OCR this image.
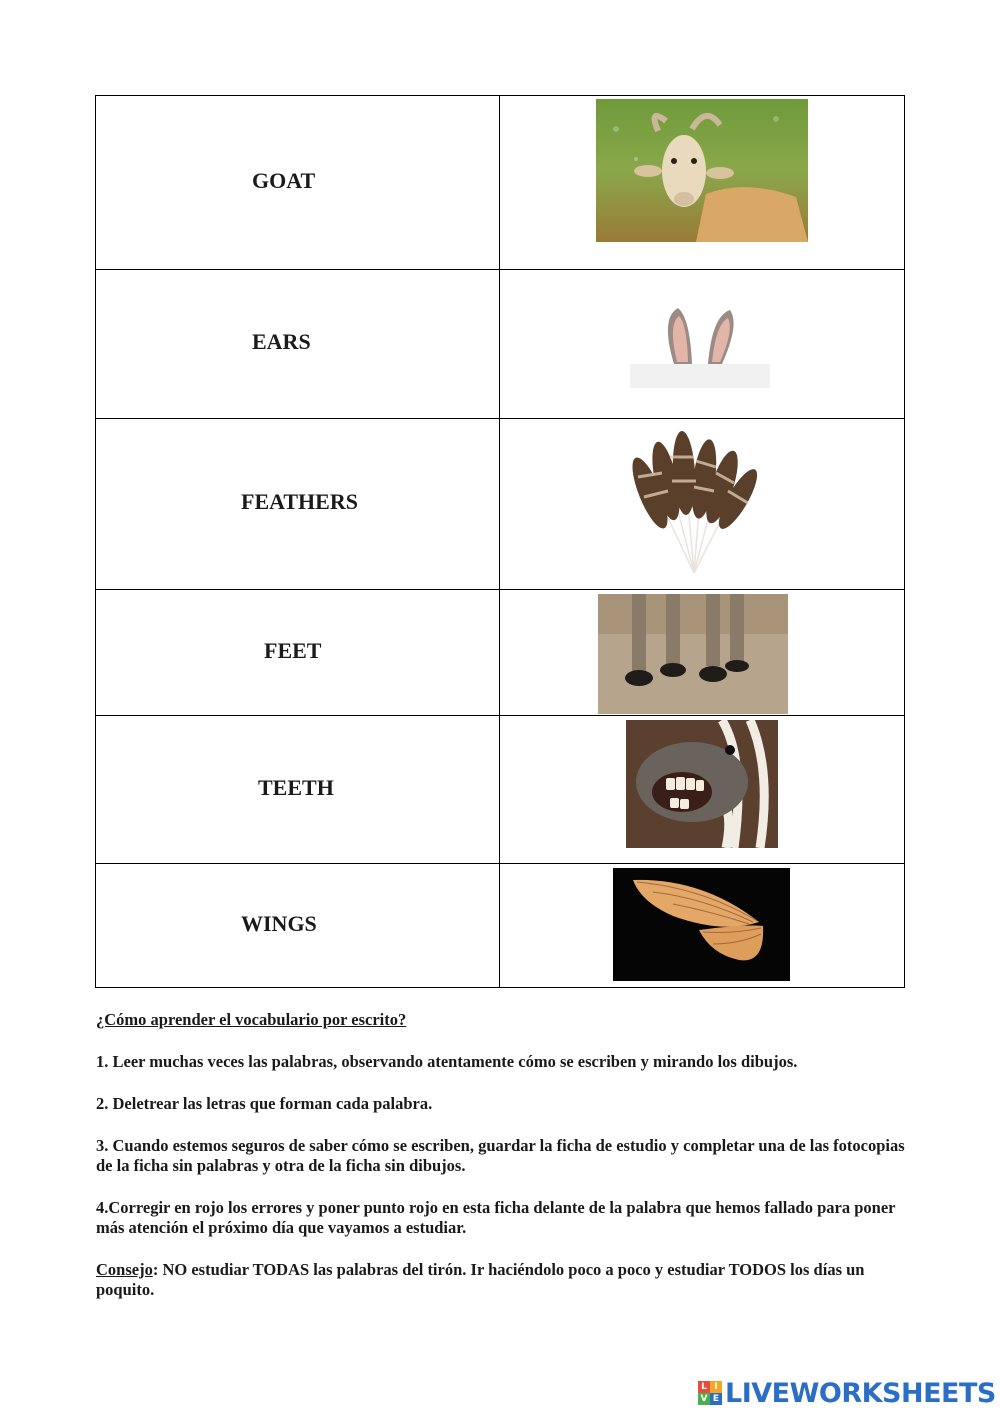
GOAT

EARS

FEATHERS

FEET

TEETH

WINGS

¿Cómo aprender el vocabulario por escrito?

1. Leer muchas veces las palabras, observando atentamente cómo se escriben y mirando los dibujos.

2. Deletrear las letras que forman cada palabra.

3. Cuando estemos seguros de saber cómo se escriben, guardar la ficha de estudio y completar una de las fotocopias de la ficha sin palabras y otra de la ficha sin dibujos.

4.Corregir en rojo los errores y poner punto rojo en esta ficha delante de la palabra que hemos fallado para poner más atención el próximo día que vayamos a estudiar.

Consejo: NO estudiar TODAS las palabras del tirón. Ir haciéndolo poco a poco y estudiar TODOS los días un poquito.

L I
V E LIVEWORKSHEETS
